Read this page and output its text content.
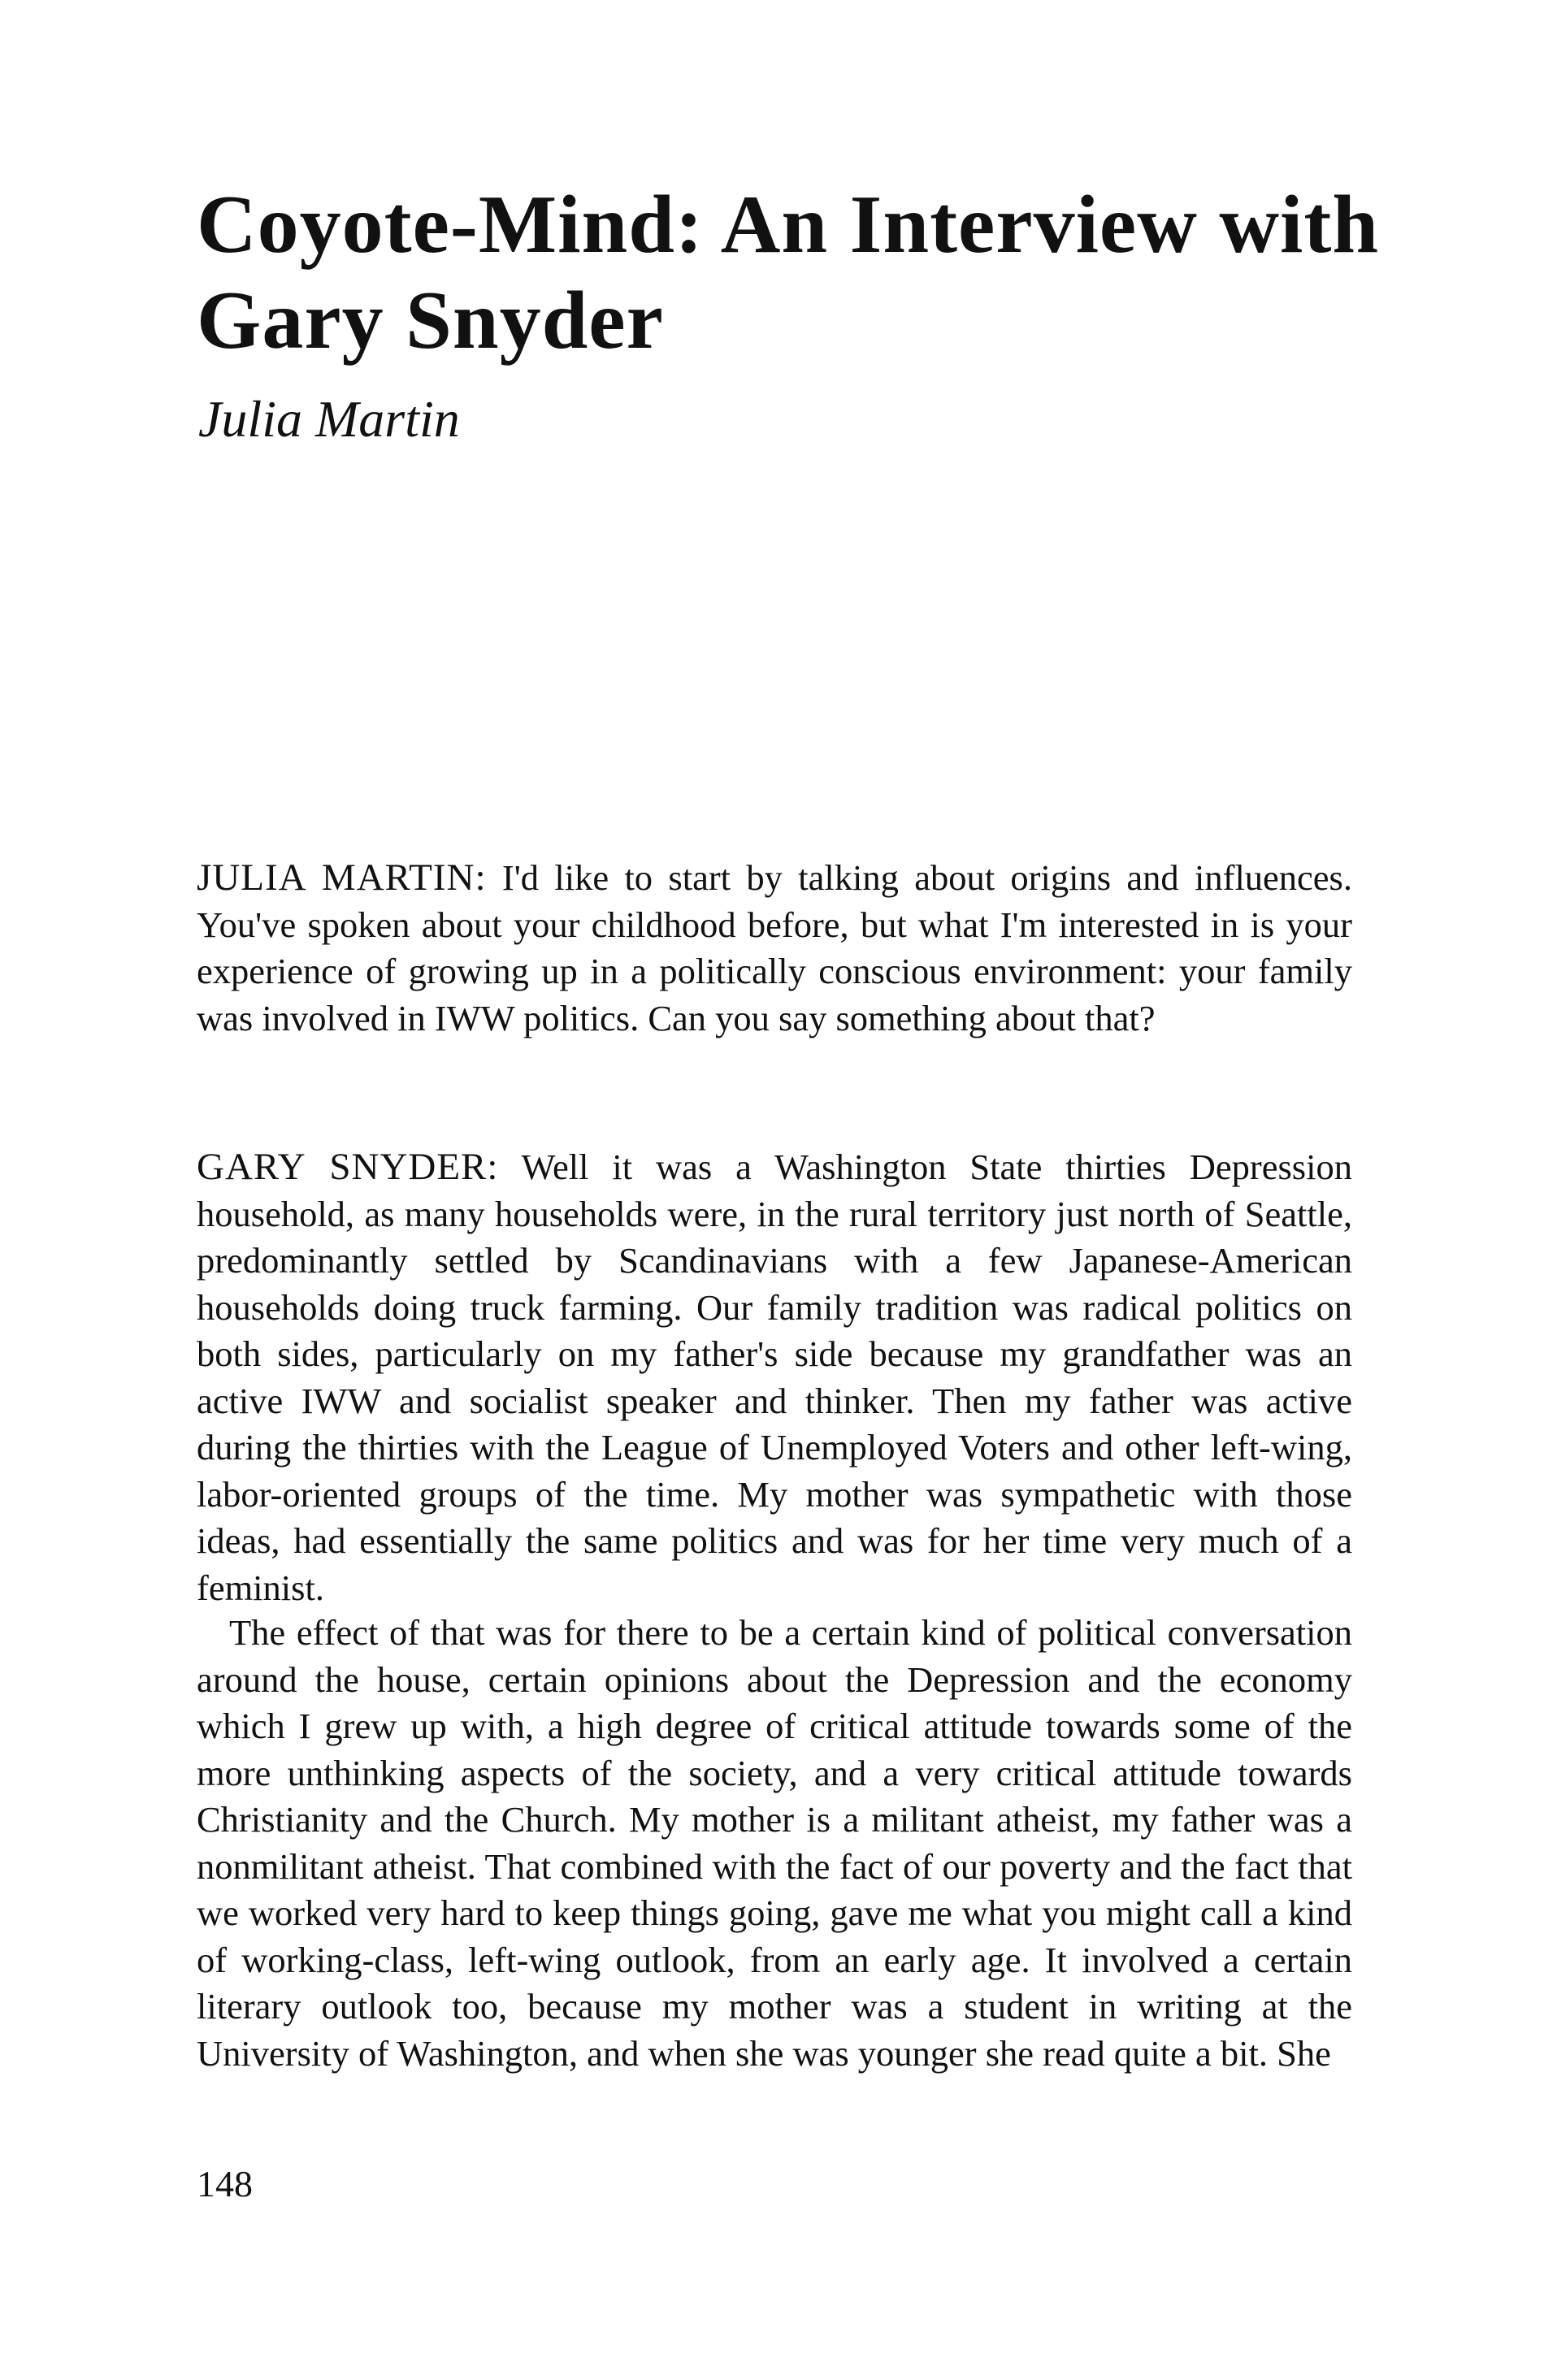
Coyote-Mind: An Interview with Gary Snyder
Julia Martin

JULIA MARTIN: I'd like to start by talking about origins and influences. You've spoken about your childhood before, but what I'm interested in is your experience of growing up in a politically conscious environment: your family was involved in IWW politics. Can you say something about that?

GARY SNYDER: Well it was a Washington State thirties Depression household, as many households were, in the rural territory just north of Seattle, predominantly settled by Scandinavians with a few Japanese-American households doing truck farming. Our family tradition was radical politics on both sides, particularly on my father's side because my grandfather was an active IWW and socialist speaker and thinker. Then my father was active during the thirties with the League of Unemployed Voters and other left-wing, labor-oriented groups of the time. My mother was sympathetic with those ideas, had essentially the same politics and was for her time very much of a feminist.

The effect of that was for there to be a certain kind of political conversation around the house, certain opinions about the Depression and the economy which I grew up with, a high degree of critical attitude towards some of the more unthinking aspects of the society, and a very critical attitude towards Christianity and the Church. My mother is a militant atheist, my father was a nonmilitant atheist. That combined with the fact of our poverty and the fact that we worked very hard to keep things going, gave me what you might call a kind of working-class, left-wing outlook, from an early age. It involved a certain literary outlook too, because my mother was a student in writing at the University of Washington, and when she was younger she read quite a bit. She

148
